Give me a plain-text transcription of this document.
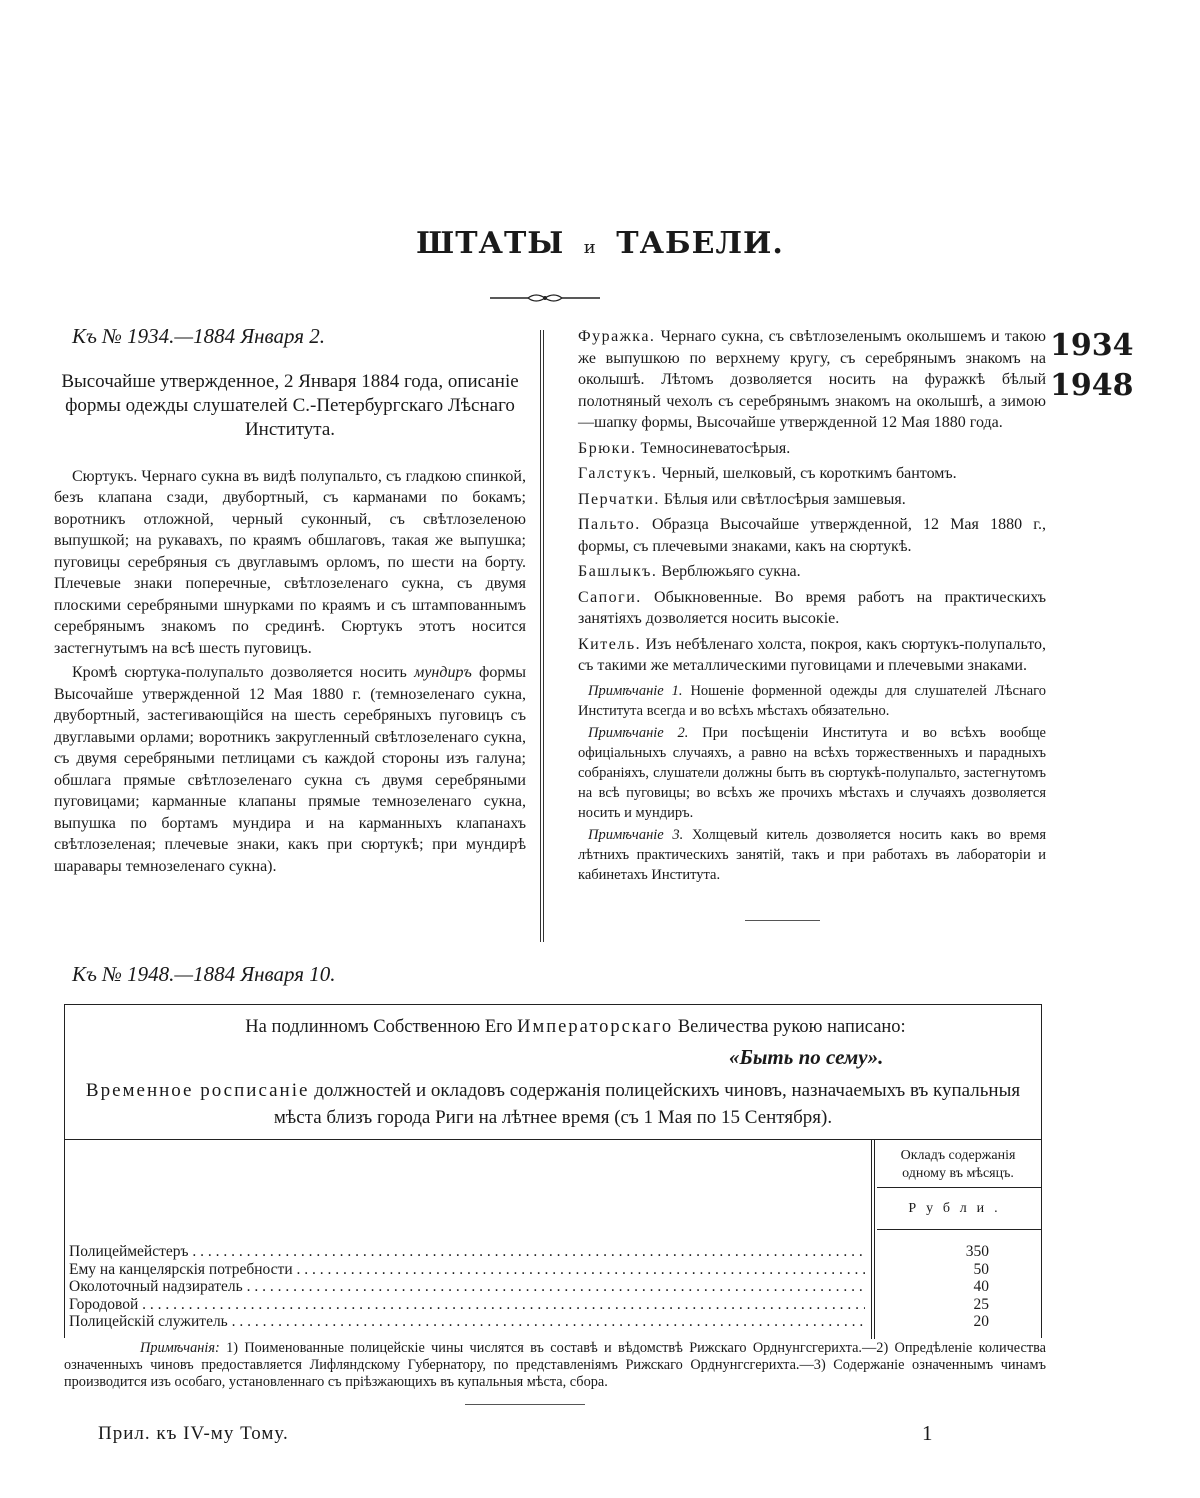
ШТАТЫ и ТАБЕЛИ.
1934
1948
Къ № 1934.—1884 Января 2.
Высочайше утвержденное, 2 Января 1884 года, описаніе формы одежды слушателей С.-Петербургскаго Лѣснаго Института.

Сюртукъ. Чернаго сукна въ видѣ полупальто, съ гладкою спинкой, безъ клапана сзади, двубортный, съ карманами по бокамъ; воротникъ отложной, черный суконный, съ свѣтлозеленою выпушкой; на рукавахъ, по краямъ обшлаговъ, такая же выпушка; пуговицы серебряныя съ двуглавымъ орломъ, по шести на борту. Плечевые знаки поперечные, свѣтлозеленаго сукна, съ двумя плоскими серебряными шнурками по краямъ и съ штампованнымъ серебрянымъ знакомъ по срединѣ. Сюртукъ этотъ носится застегнутымъ на всѣ шесть пуговицъ.

Кромѣ сюртука-полупальто дозволяется носить мундиръ формы Высочайше утвержденной 12 Мая 1880 г. (темнозеленаго сукна, двубортный, застегивающійся на шесть серебряныхъ пуговицъ съ двуглавыми орлами; воротникъ закругленный свѣтлозеленаго сукна, съ двумя серебряными петлицами съ каждой стороны изъ галуна; обшлага прямые свѣтлозеленаго сукна съ двумя серебряными пуговицами; карманные клапаны прямые темнозеленаго сукна, выпушка по бортамъ мундира и на карманныхъ клапанахъ свѣтлозеленая; плечевые знаки, какъ при сюртукѣ; при мундирѣ шаравары темнозеленаго сукна).

Фуражка. Чернаго сукна, съ свѣтлозеленымъ околышемъ и такою же выпушкою по верхнему кругу, съ серебрянымъ знакомъ на околышѣ. Лѣтомъ дозволяется носить на фуражкѣ бѣлый полотняный чехолъ съ серебрянымъ знакомъ на околышѣ, а зимою—шапку формы, Высочайше утвержденной 12 Мая 1880 года.

Брюки. Темносиневатосѣрыя.

Галстукъ. Черный, шелковый, съ короткимъ бантомъ.

Перчатки. Бѣлыя или свѣтлосѣрыя замшевыя.

Пальто. Образца Высочайше утвержденной, 12 Мая 1880 г., формы, съ плечевыми знаками, какъ на сюртукѣ.

Башлыкъ. Верблюжьяго сукна.

Сапоги. Обыкновенные. Во время работъ на практическихъ занятіяхъ дозволяется носить высокіе.

Китель. Изъ небѣленаго холста, покроя, какъ сюртукъ-полупальто, съ такими же металлическими пуговицами и плечевыми знаками.

Примѣчаніе 1. Ношеніе форменной одежды для слушателей Лѣснаго Института всегда и во всѣхъ мѣстахъ обязательно.

Примѣчаніе 2. При посѣщеніи Института и во всѣхъ вообще офиціальныхъ случаяхъ, а равно на всѣхъ торжественныхъ и парадныхъ собраніяхъ, слушатели должны быть въ сюртукѣ-полупальто, застегнутомъ на всѣ пуговицы; во всѣхъ же прочихъ мѣстахъ и случаяхъ дозволяется носить и мундиръ.

Примѣчаніе 3. Холщевый китель дозволяется носить какъ во время лѣтнихъ практическихъ занятій, такъ и при работахъ въ лабораторіи и кабинетахъ Института.

Къ № 1948.—1884 Января 10.
На подлинномъ Собственною Его Императорскаго Величества рукою написано:
«Быть по сему».
Временное росписаніе должностей и окладовъ содержанія полицейскихъ чиновъ, назначаемыхъ въ купальныя мѣста близъ города Риги на лѣтнее время (съ 1 Мая по 15 Сентября).
Окладъ содержанія одному въ мѣсяцъ.
Рубли.
Полицеймейстеръ . . .	350
Ему на канцелярскія потребности . . .	50
Околоточный надзиратель . . .	40
Городовой . . .	25
Полицейскій служитель . . .	20

Примѣчанія: 1) Поименованные полицейскіе чины числятся въ составѣ и вѣдомствѣ Рижскаго Орднунгсгерихта.—2) Опредѣленіе количества означенныхъ чиновъ предоставляется Лифляндскому Губернатору, по представленіямъ Рижскаго Орднунгсгерихта.—3) Содержаніе означеннымъ чинамъ производится изъ особаго, установленнаго съ пріѣзжающихъ въ купальныя мѣста, сбора.

Прил. къ IV-му Тому.	1
